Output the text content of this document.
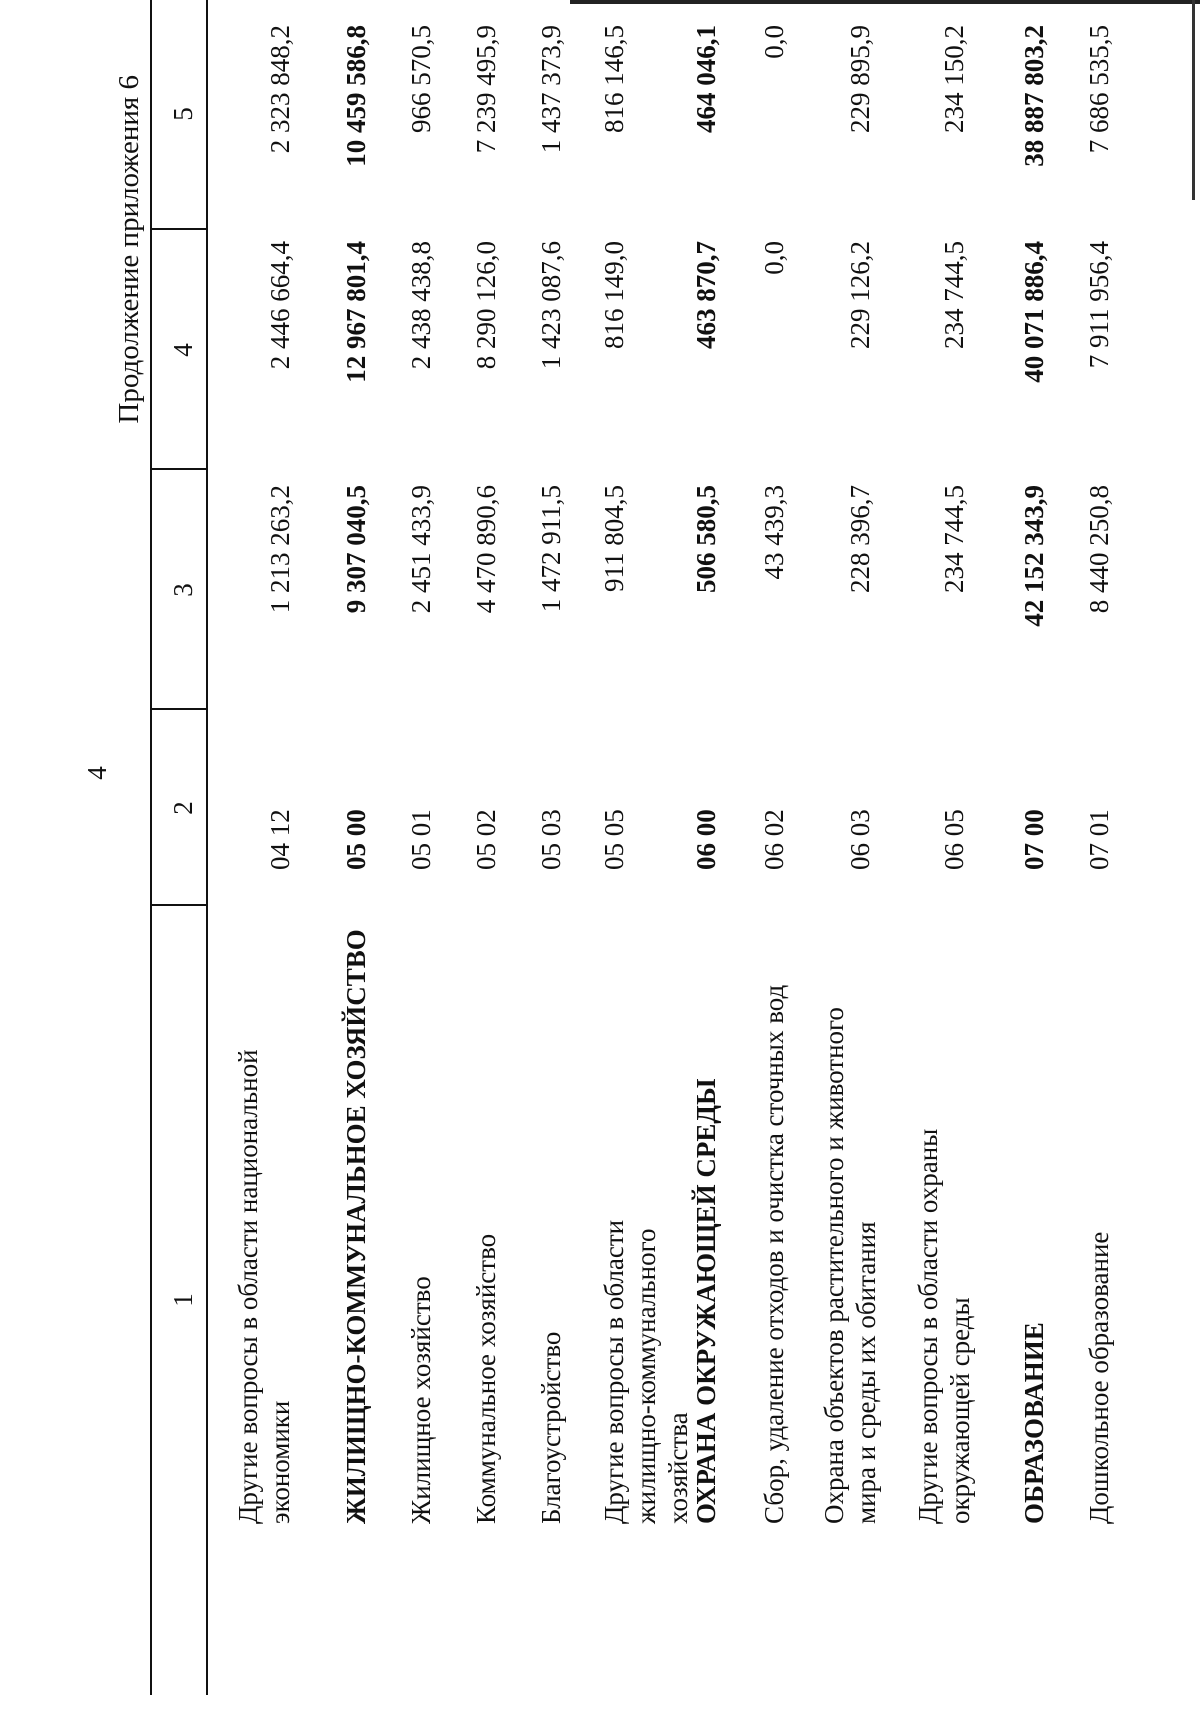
4
Продолжение приложения 6
1
2
3
4
5
Другие вопросы в области национальной экономики
04 12
1 213 263,2
2 446 664,4
2 323 848,2
ЖИЛИЩНО-КОММУНАЛЬНОЕ ХОЗЯЙСТВО
05 00
9 307 040,5
12 967 801,4
10 459 586,8
Жилищное хозяйство
05 01
2 451 433,9
2 438 438,8
966 570,5
Коммунальное хозяйство
05 02
4 470 890,6
8 290 126,0
7 239 495,9
Благоустройство
05 03
1 472 911,5
1 423 087,6
1 437 373,9
Другие вопросы в области жилищно-коммунального хозяйства
05 05
911 804,5
816 149,0
816 146,5
ОХРАНА ОКРУЖАЮЩЕЙ СРЕДЫ
06 00
506 580,5
463 870,7
464 046,1
Сбор, удаление отходов и очистка сточных вод
06 02
43 439,3
0,0
0,0
Охрана объектов растительного и животного мира и среды их обитания
06 03
228 396,7
229 126,2
229 895,9
Другие вопросы в области охраны окружающей среды
06 05
234 744,5
234 744,5
234 150,2
ОБРАЗОВАНИЕ
07 00
42 152 343,9
40 071 886,4
38 887 803,2
Дошкольное образование
07 01
8 440 250,8
7 911 956,4
7 686 535,5
